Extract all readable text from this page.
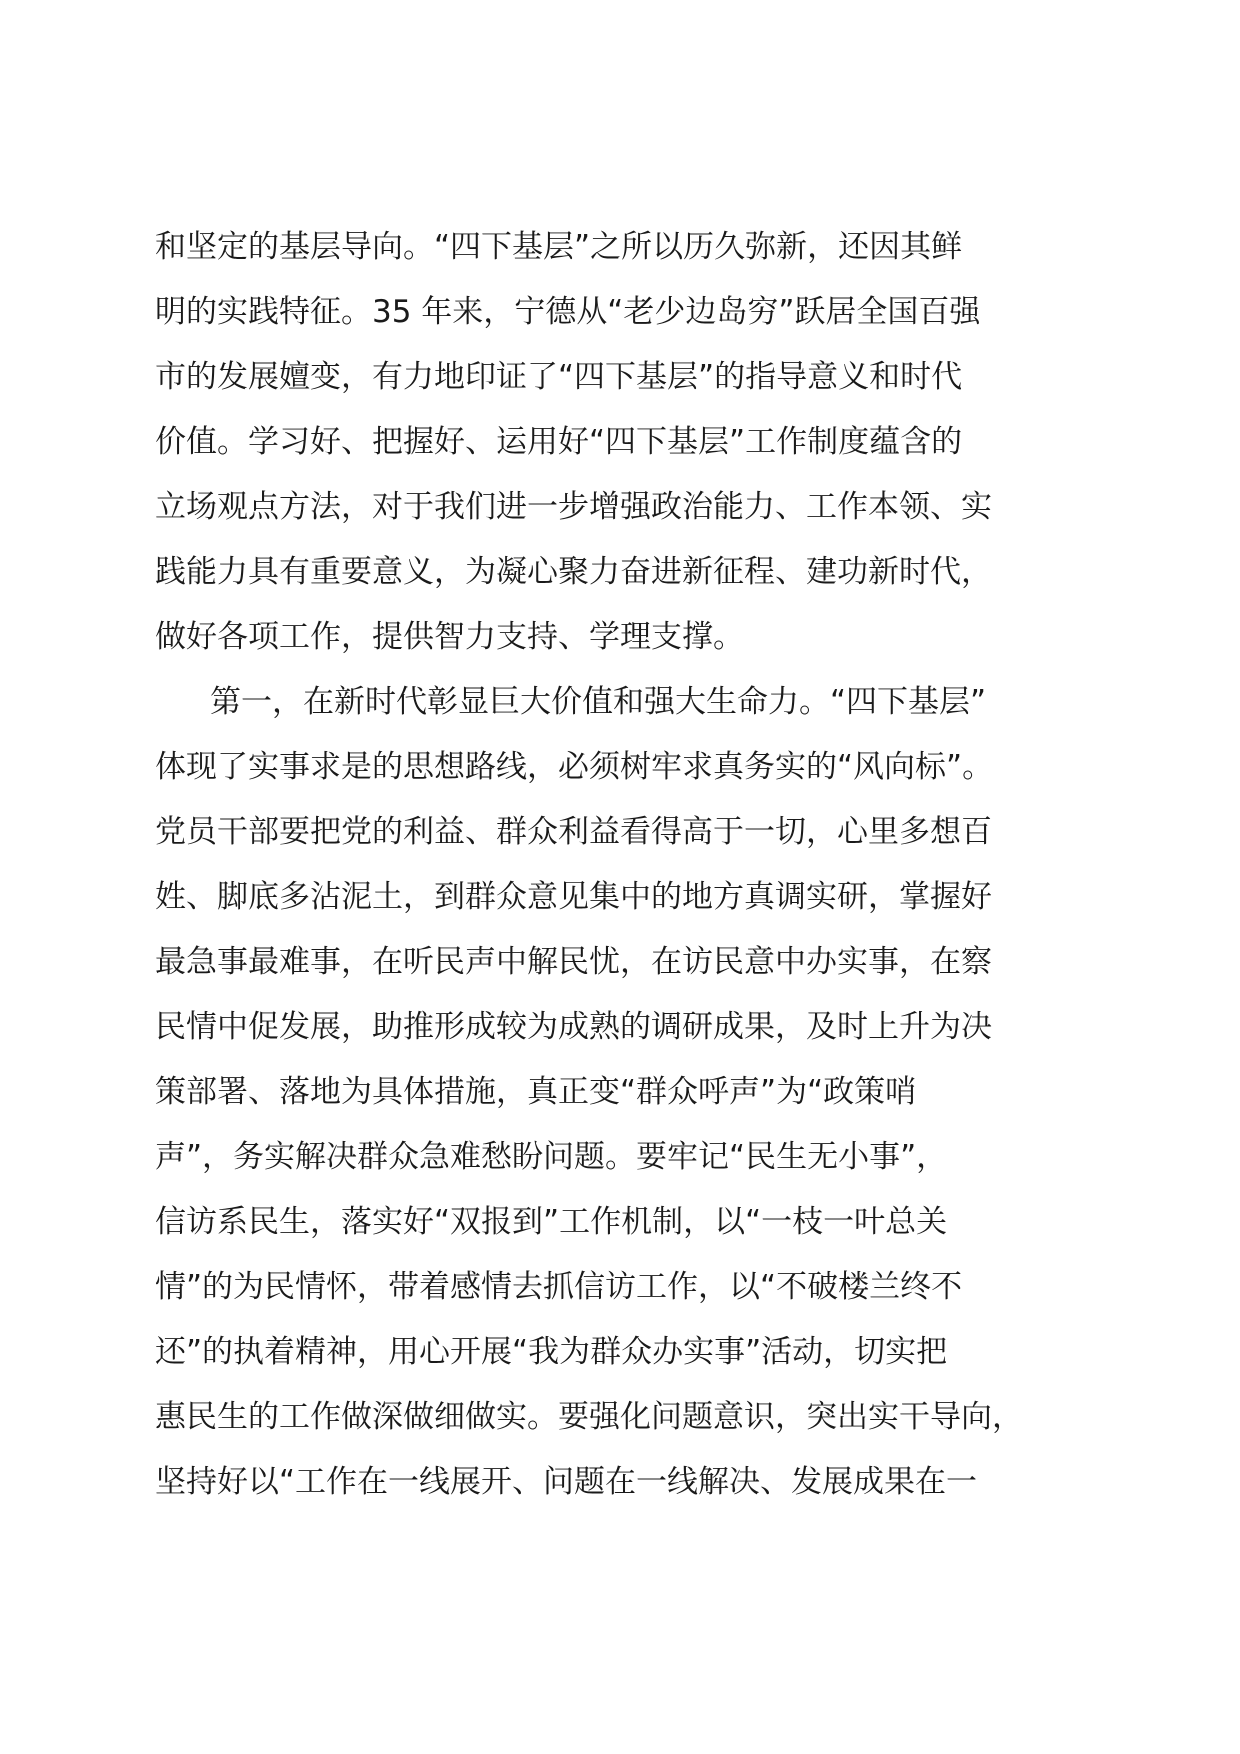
和坚定的基层导向。“四下基层”之所以历久弥新，还因其鲜
明的实践特征。35 年来，宁德从“老少边岛穷”跃居全国百强
市的发展嬗变，有力地印证了“四下基层”的指导意义和时代
价值。学习好、把握好、运用好“四下基层”工作制度蕴含的
立场观点方法，对于我们进一步增强政治能力、工作本领、实
践能力具有重要意义，为凝心聚力奋进新征程、建功新时代，
做好各项工作，提供智力支持、学理支撑。
第一，在新时代彰显巨大价值和强大生命力。“四下基层”
体现了实事求是的思想路线，必须树牢求真务实的“风向标”。
党员干部要把党的利益、群众利益看得高于一切，心里多想百
姓、脚底多沾泥土，到群众意见集中的地方真调实研，掌握好
最急事最难事，在听民声中解民忧，在访民意中办实事，在察
民情中促发展，助推形成较为成熟的调研成果，及时上升为决
策部署、落地为具体措施，真正变“群众呼声”为“政策哨
声”，务实解决群众急难愁盼问题。要牢记“民生无小事”，
信访系民生，落实好“双报到”工作机制，以“一枝一叶总关
情”的为民情怀，带着感情去抓信访工作，以“不破楼兰终不
还”的执着精神，用心开展“我为群众办实事”活动，切实把
惠民生的工作做深做细做实。要强化问题意识，突出实干导向，
坚持好以“工作在一线展开、问题在一线解决、发展成果在一
